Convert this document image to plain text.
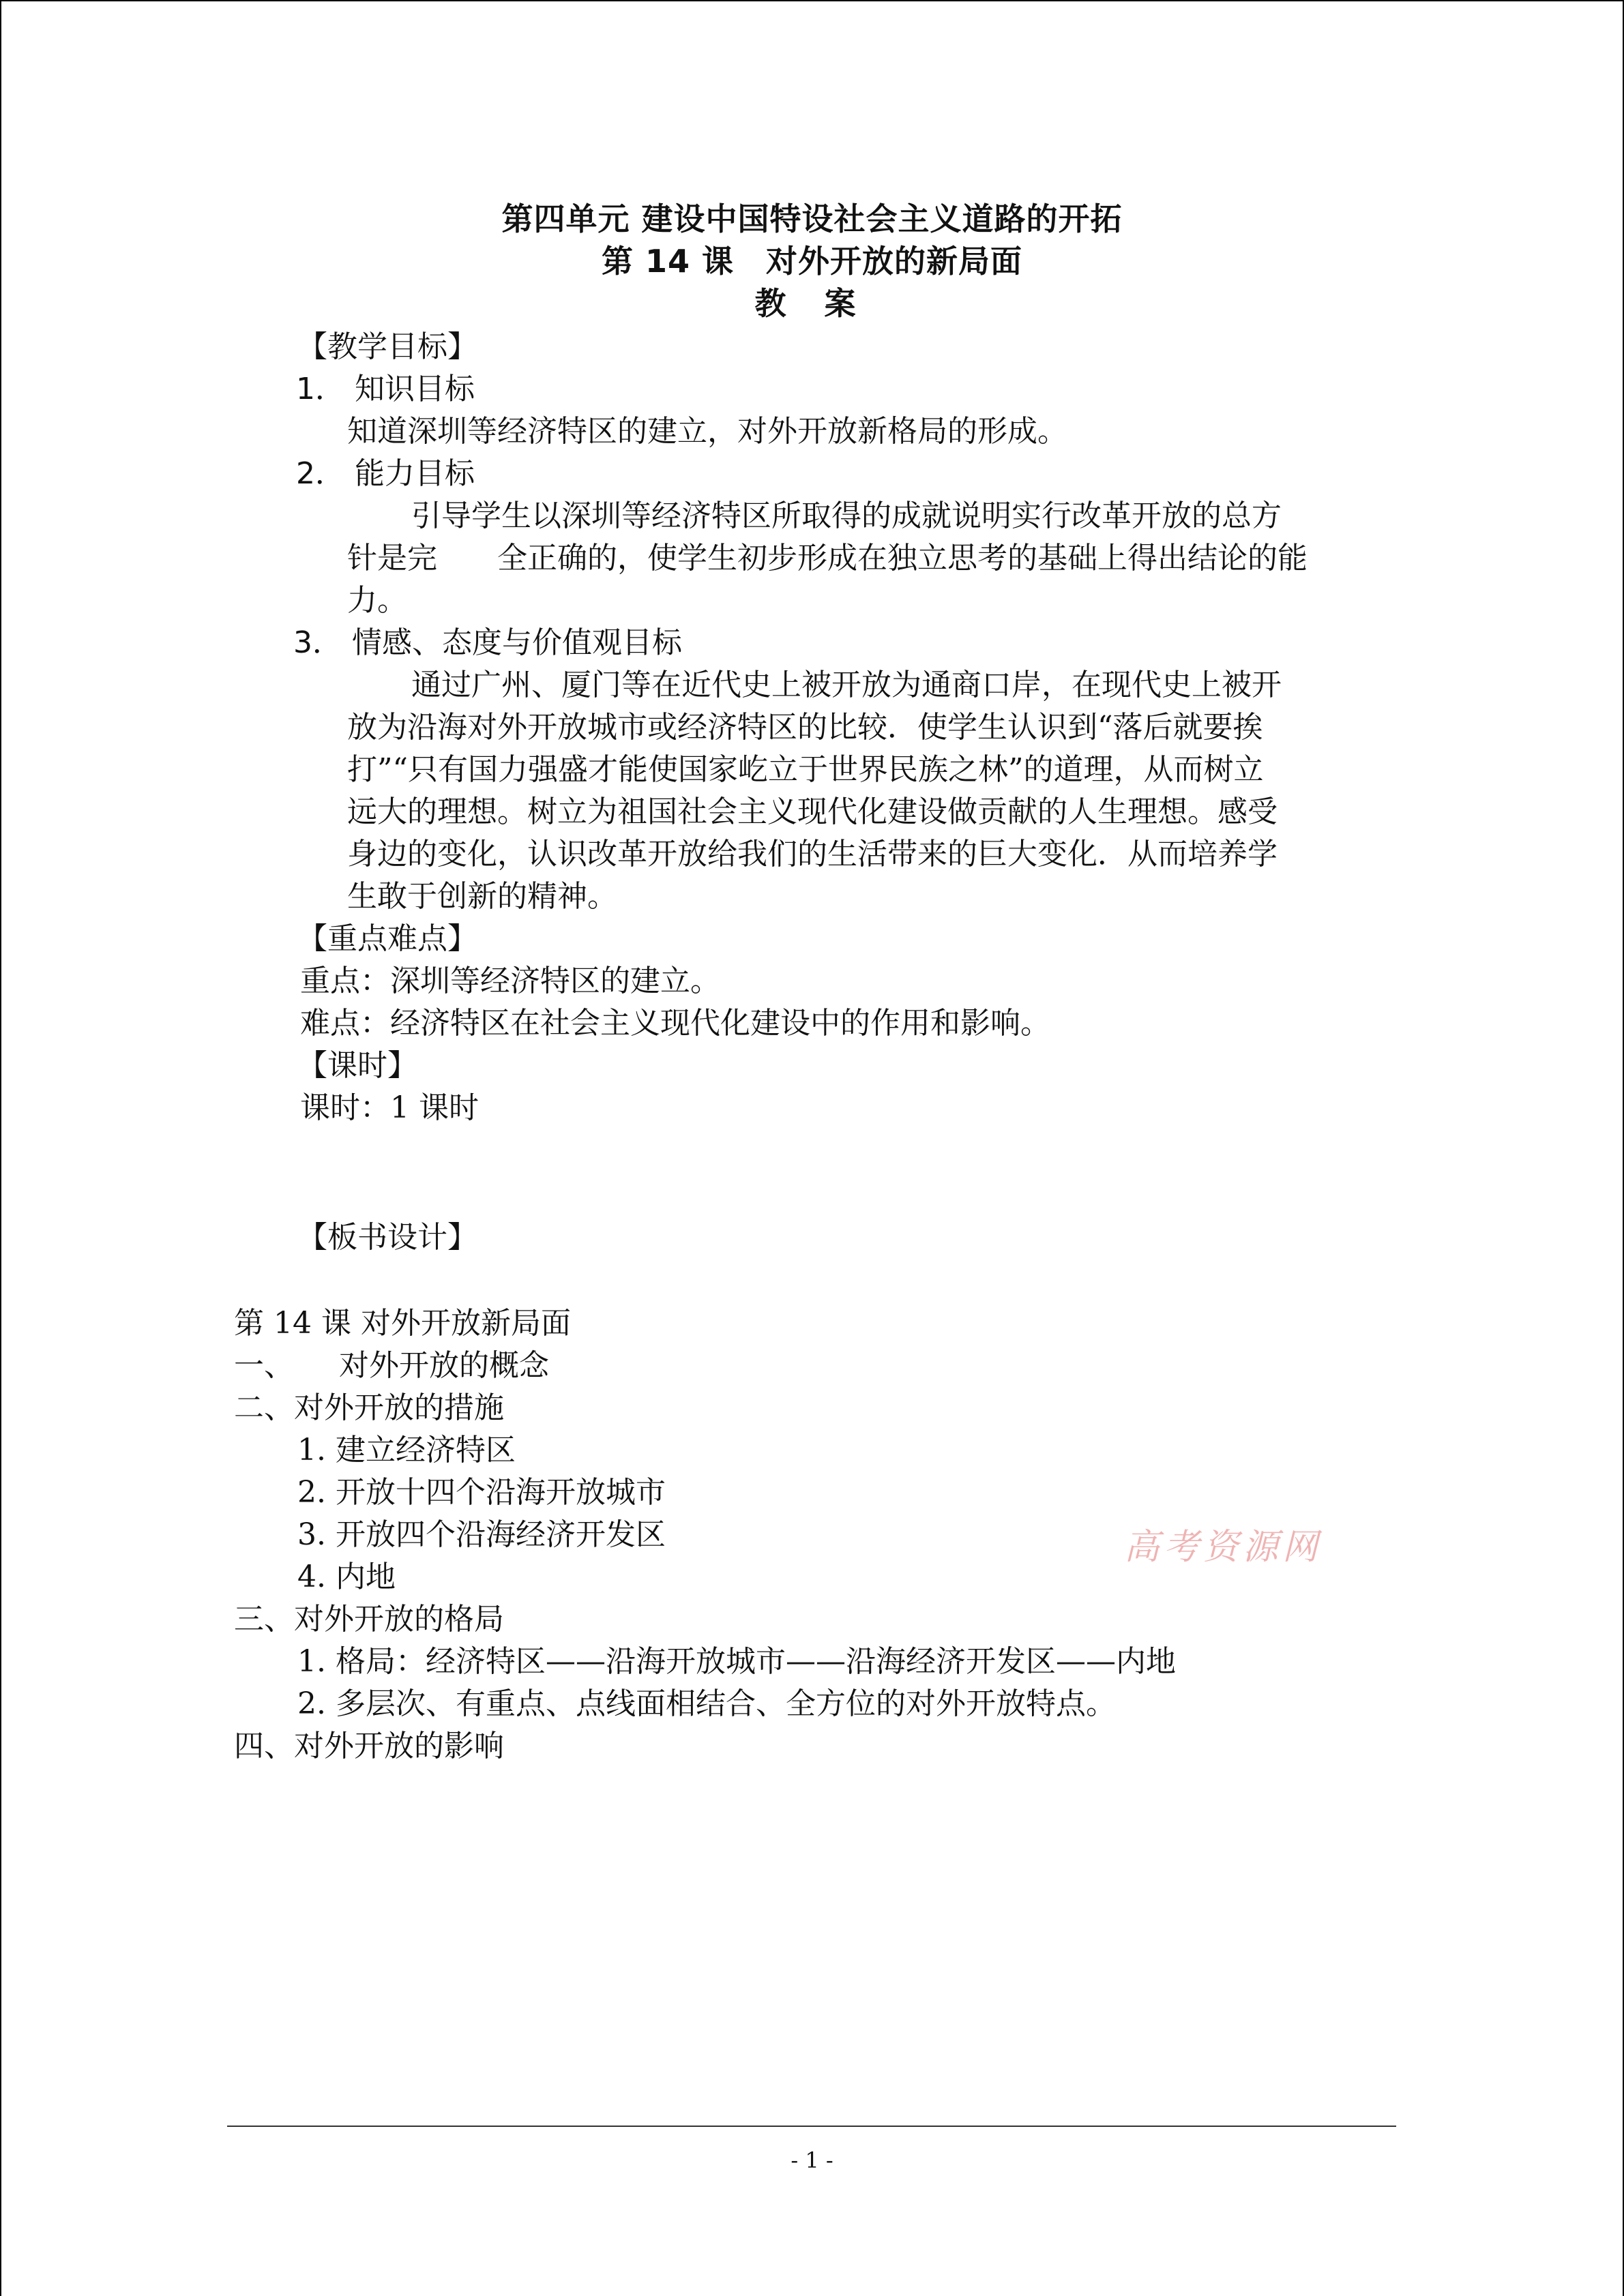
第四单元 建设中国特设社会主义道路的开拓
第 14 课　对外开放的新局面
教 案
【教学目标】
1． 知识目标
知道深圳等经济特区的建立，对外开放新格局的形成。
2． 能力目标
引导学生以深圳等经济特区所取得的成就说明实行改革开放的总方
针是完　　全正确的，使学生初步形成在独立思考的基础上得出结论的能
力。
3． 情感、态度与价值观目标
通过广州、厦门等在近代史上被开放为通商口岸，在现代史上被开
放为沿海对外开放城市或经济特区的比较．使学生认识到“落后就要挨
打”“只有国力强盛才能使国家屹立于世界民族之林”的道理，从而树立
远大的理想。树立为祖国社会主义现代化建设做贡献的人生理想。感受
身边的变化，认识改革开放给我们的生活带来的巨大变化．从而培养学
生敢于创新的精神。
【重点难点】
重点：深圳等经济特区的建立。
难点：经济特区在社会主义现代化建设中的作用和影响。
【课时】
课时：1 课时
【板书设计】
第 14 课 对外开放新局面
一、　　对外开放的概念
二、对外开放的措施
1. 建立经济特区
2. 开放十四个沿海开放城市
3. 开放四个沿海经济开发区
4. 内地
三、对外开放的格局
1. 格局：经济特区——沿海开放城市——沿海经济开发区——内地
2. 多层次、有重点、点线面相结合、全方位的对外开放特点。
四、对外开放的影响
高考资源网
- 1 -
